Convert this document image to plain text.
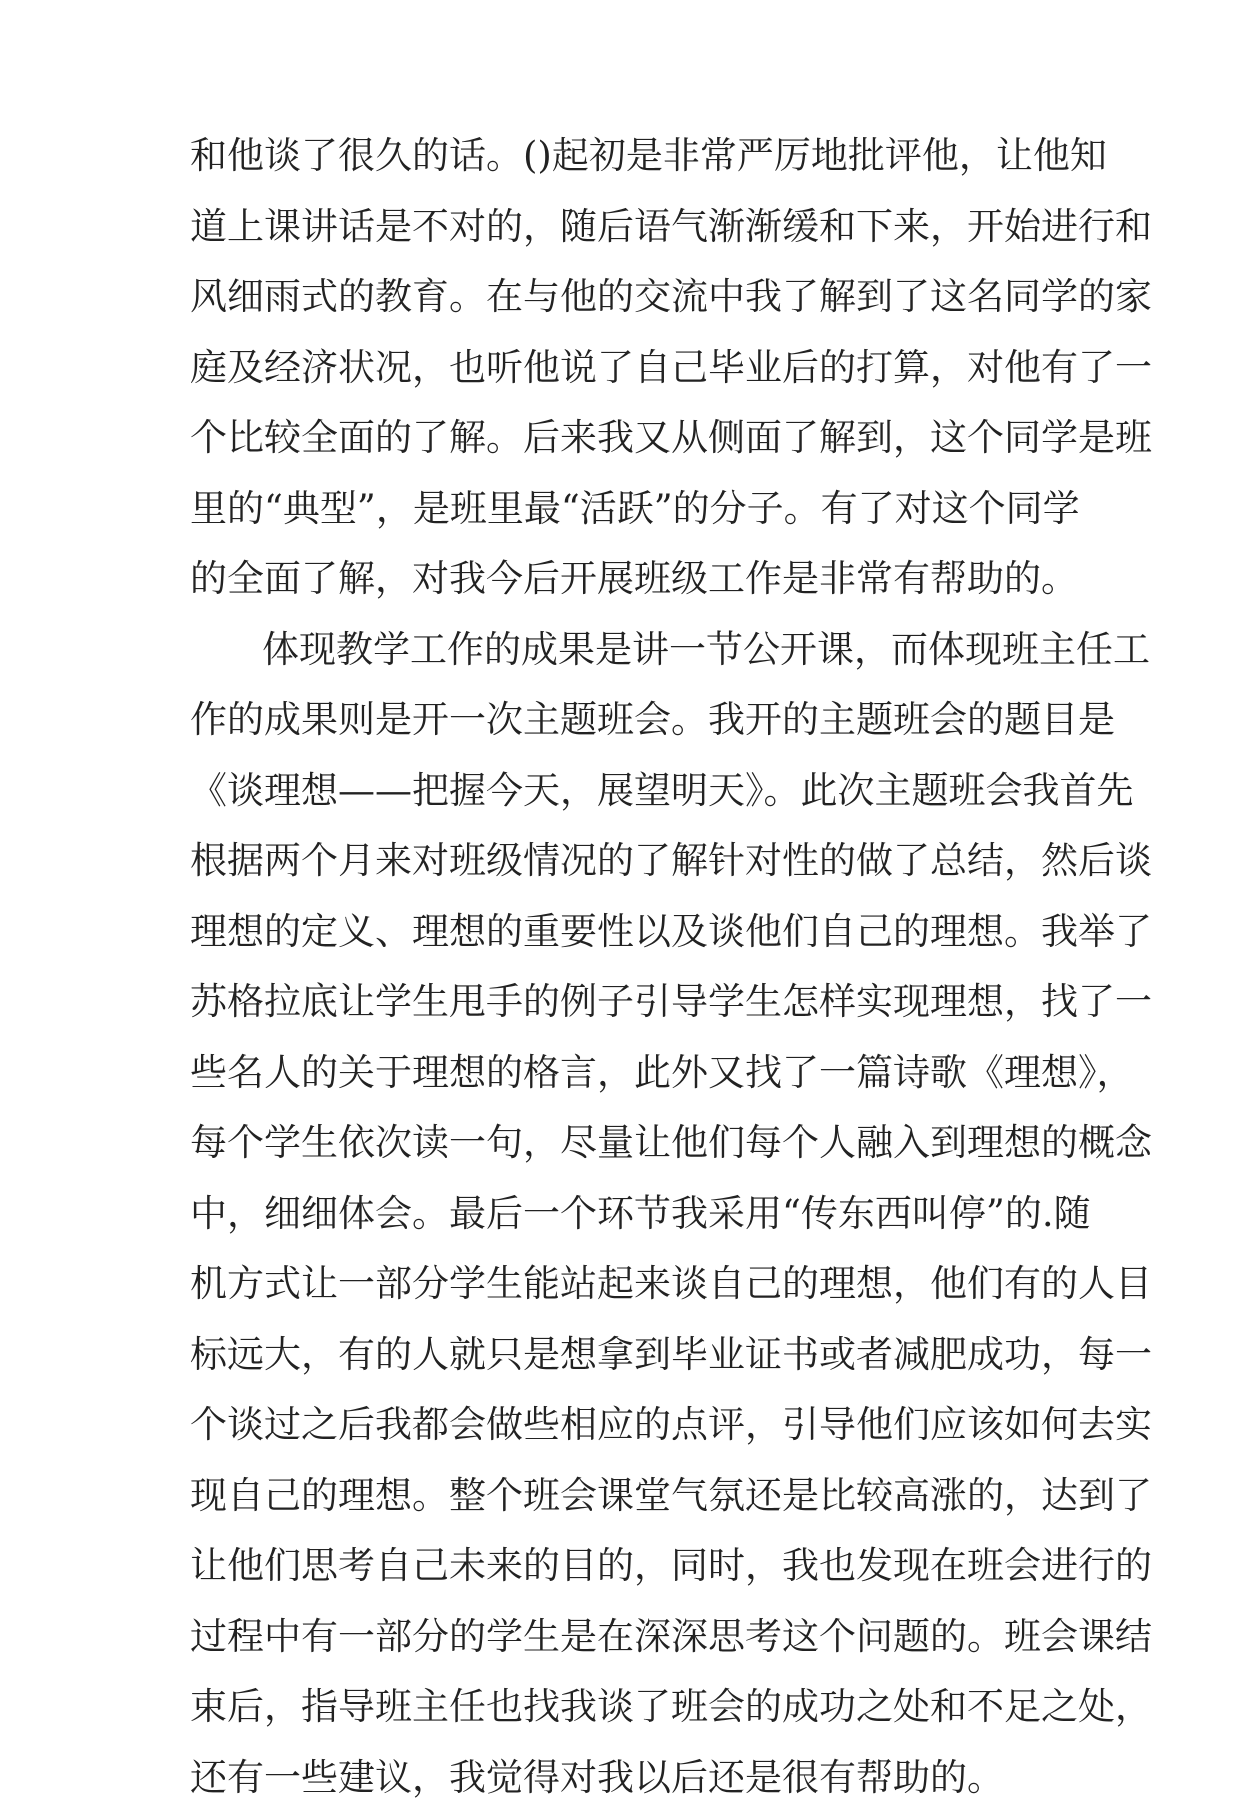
和他谈了很久的话。()起初是非常严厉地批评他，让他知
道上课讲话是不对的，随后语气渐渐缓和下来，开始进行和
风细雨式的教育。在与他的交流中我了解到了这名同学的家
庭及经济状况，也听他说了自己毕业后的打算，对他有了一
个比较全面的了解。后来我又从侧面了解到，这个同学是班
里的“典型”，是班里最“活跃”的分子。有了对这个同学
的全面了解，对我今后开展班级工作是非常有帮助的。
体现教学工作的成果是讲一节公开课，而体现班主任工
作的成果则是开一次主题班会。我开的主题班会的题目是
《谈理想——把握今天，展望明天》。此次主题班会我首先
根据两个月来对班级情况的了解针对性的做了总结，然后谈
理想的定义、理想的重要性以及谈他们自己的理想。我举了
苏格拉底让学生甩手的例子引导学生怎样实现理想，找了一
些名人的关于理想的格言，此外又找了一篇诗歌《理想》，
每个学生依次读一句，尽量让他们每个人融入到理想的概念
中，细细体会。最后一个环节我采用“传东西叫停”的.随
机方式让一部分学生能站起来谈自己的理想，他们有的人目
标远大，有的人就只是想拿到毕业证书或者减肥成功，每一
个谈过之后我都会做些相应的点评，引导他们应该如何去实
现自己的理想。整个班会课堂气氛还是比较高涨的，达到了
让他们思考自己未来的目的，同时，我也发现在班会进行的
过程中有一部分的学生是在深深思考这个问题的。班会课结
束后，指导班主任也找我谈了班会的成功之处和不足之处，
还有一些建议，我觉得对我以后还是很有帮助的。
